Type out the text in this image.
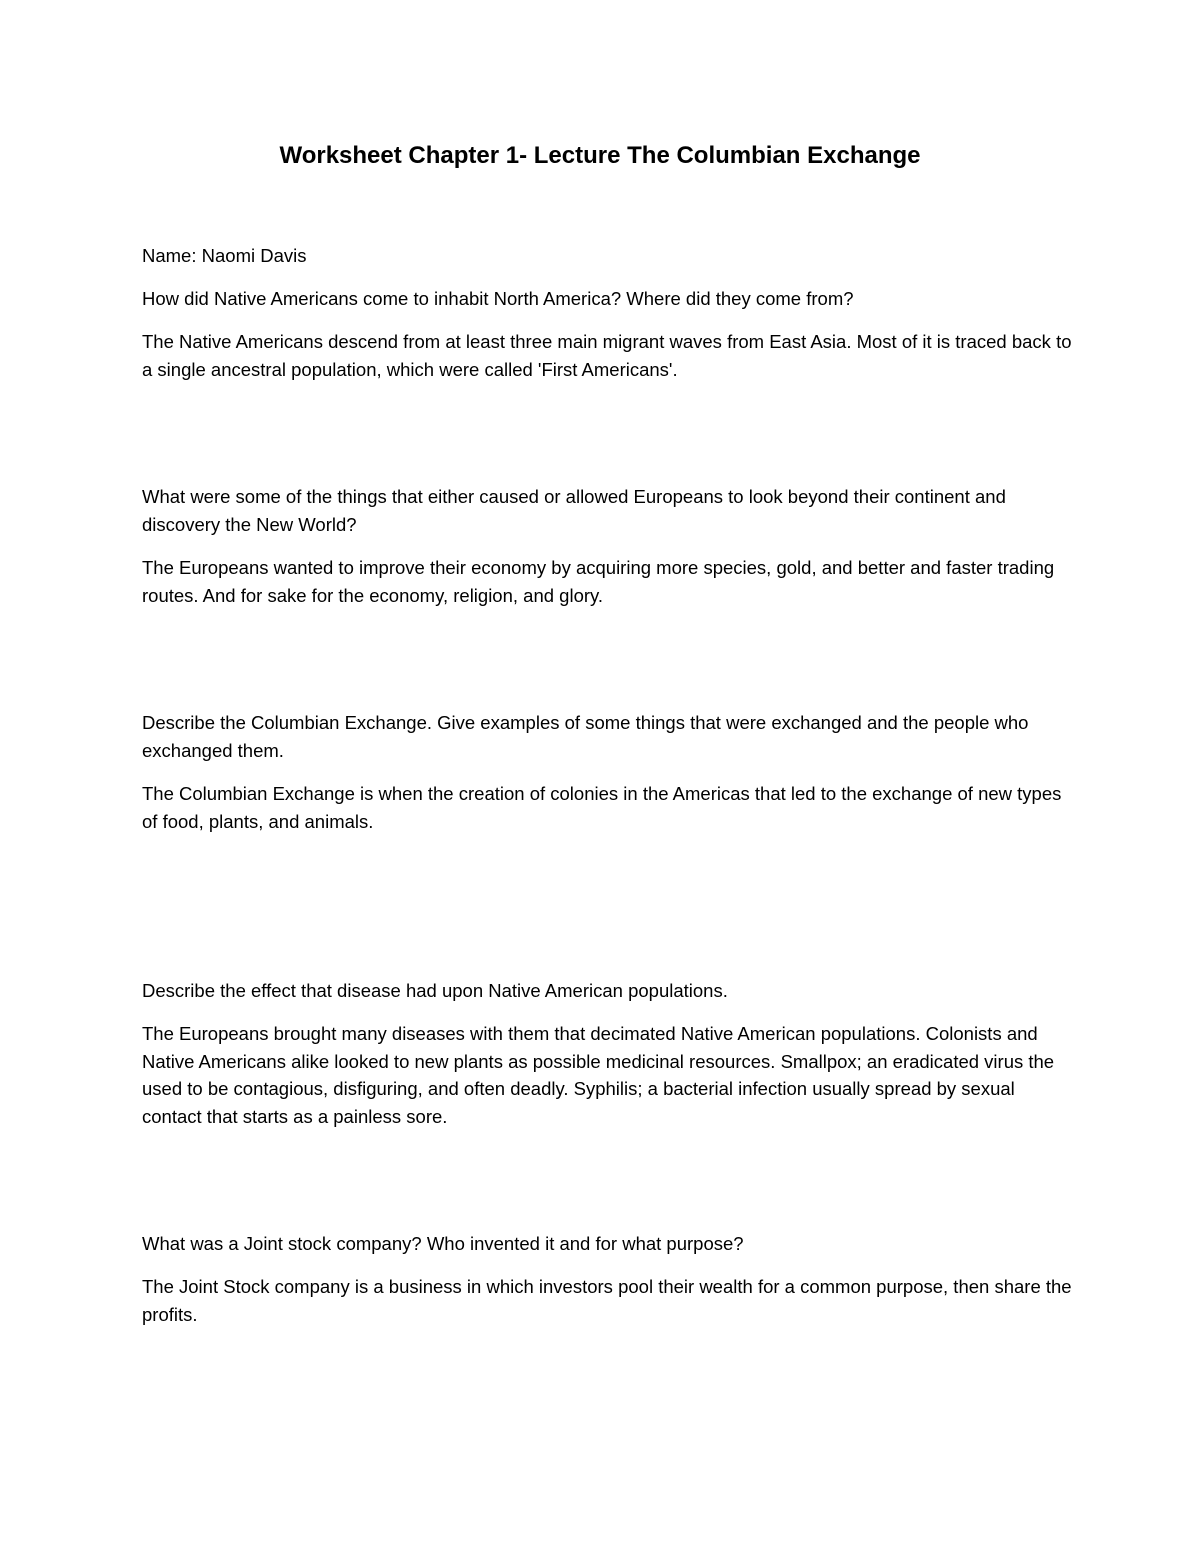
Worksheet Chapter 1- Lecture The Columbian Exchange

Name: Naomi Davis

How did Native Americans come to inhabit North America? Where did they come from?

The Native Americans descend from at least three main migrant waves from East Asia. Most of it is traced back to a single ancestral population, which were called 'First Americans'.

What were some of the things that either caused or allowed Europeans to look beyond their continent and discovery the New World?

The Europeans wanted to improve their economy by acquiring more species, gold, and better and faster trading routes. And for sake for the economy, religion, and glory.

Describe the Columbian Exchange. Give examples of some things that were exchanged and the people who exchanged them.

The Columbian Exchange is when the creation of colonies in the Americas that led to the exchange of new types of food, plants, and animals.

Describe the effect that disease had upon Native American populations.

The Europeans brought many diseases with them that decimated Native American populations. Colonists and Native Americans alike looked to new plants as possible medicinal resources. Smallpox; an eradicated virus the used to be contagious, disfiguring, and often deadly. Syphilis; a bacterial infection usually spread by sexual contact that starts as a painless sore.

What was a Joint stock company? Who invented it and for what purpose?

The Joint Stock company is a business in which investors pool their wealth for a common purpose, then share the profits.
